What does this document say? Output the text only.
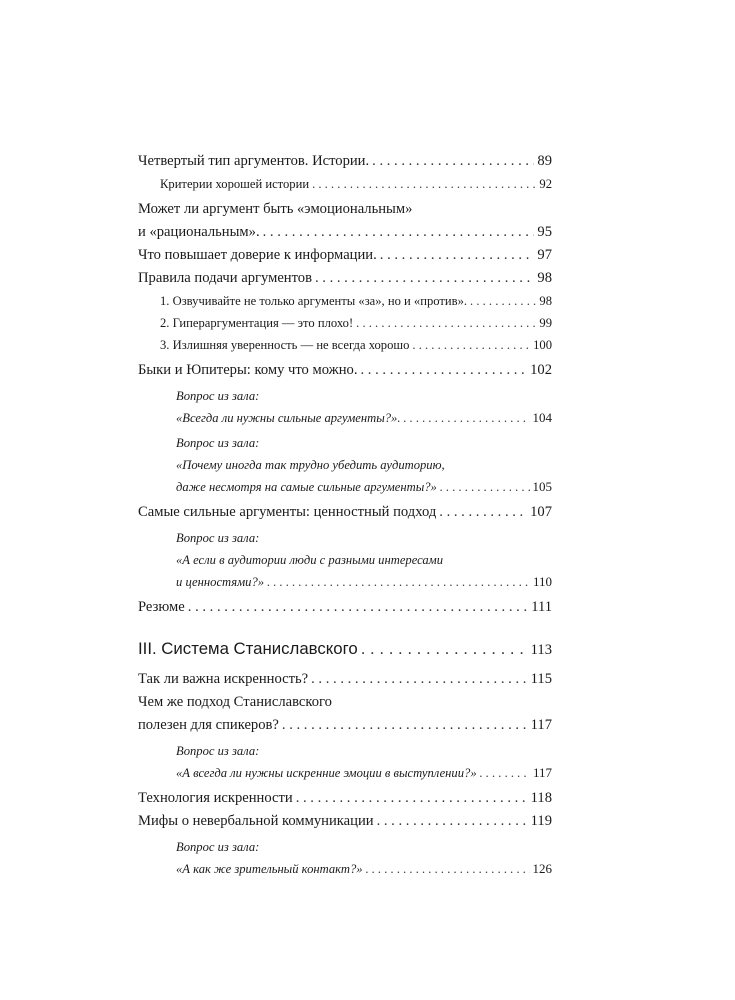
Четвертый тип аргументов. Истории. . . .	89
Критерии хорошей истории . . .	92
Может ли аргумент быть «эмоциональным»
и «рациональным». . . .	95
Что повышает доверие к информации. . . .	97
Правила подачи аргументов . . .	98
1. Озвучивайте не только аргументы «за», но и «против». . . .	98
2. Гипераргументация — это плохо! . . .	99
3. Излишняя уверенность — не всегда хорошо . . .	100
Быки и Юпитеры: кому что можно. . . .	102
Вопрос из зала:
«Всегда ли нужны сильные аргументы?». . . .	104
Вопрос из зала:
«Почему иногда так трудно убедить аудиторию,
даже несмотря на самые сильные аргументы?» . . .	105
Самые сильные аргументы: ценностный подход . . .	107
Вопрос из зала:
«А если в аудитории люди с разными интересами
и ценностями?» . . .	110
Резюме . . .	111
III. Система Станиславского . . .	113
Так ли важна искренность? . . .	115
Чем же подход Станиславского
полезен для спикеров? . . .	117
Вопрос из зала:
«А всегда ли нужны искренние эмоции в выступлении?» . . .	117
Технология искренности . . .	118
Мифы о невербальной коммуникации . . .	119
Вопрос из зала:
«А как же зрительный контакт?» . . .	126
